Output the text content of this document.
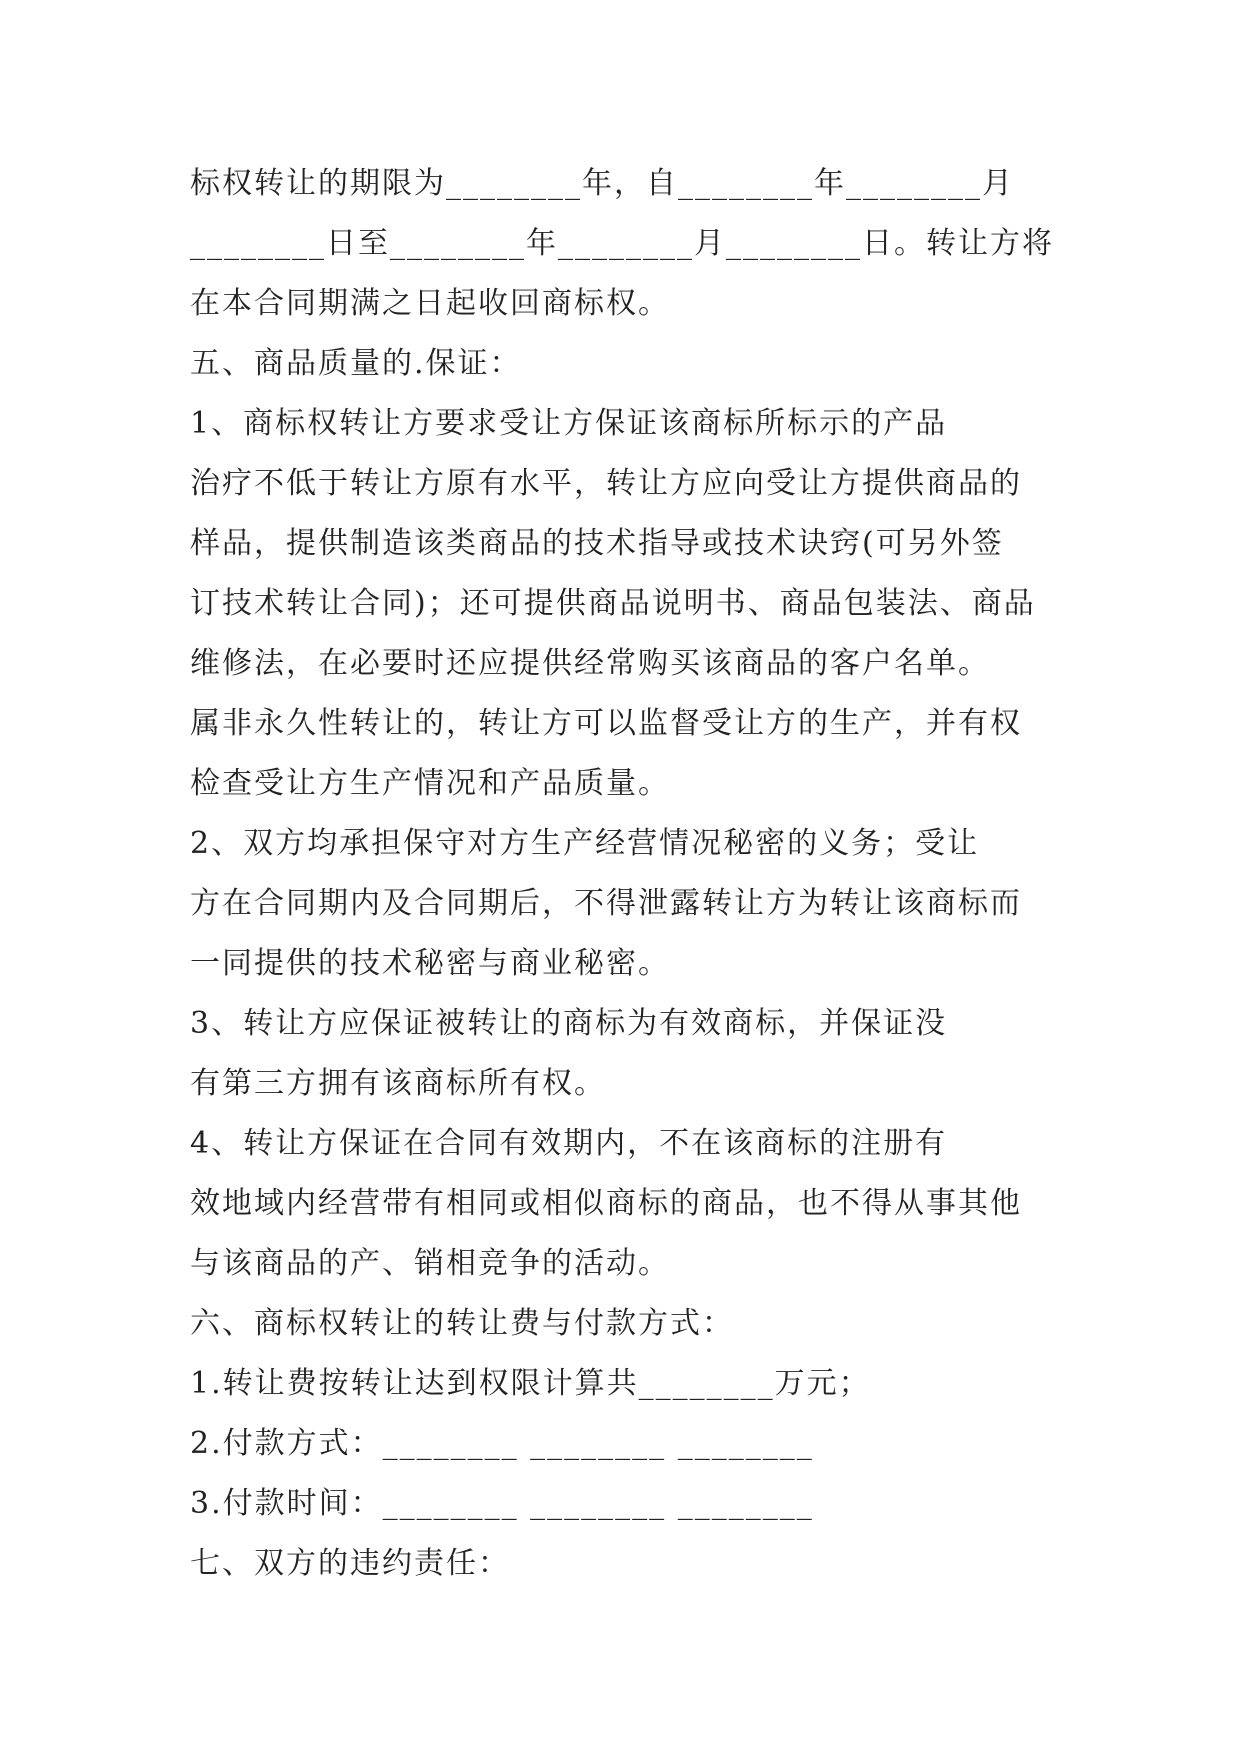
标权转让的期限为________年，自________年________月
________日至________年________月________日。转让方将
在本合同期满之日起收回商标权。
五、商品质量的.保证：
1、商标权转让方要求受让方保证该商标所标示的产品
治疗不低于转让方原有水平，转让方应向受让方提供商品的
样品，提供制造该类商品的技术指导或技术诀窍(可另外签
订技术转让合同)；还可提供商品说明书、商品包装法、商品
维修法，在必要时还应提供经常购买该商品的客户名单。
属非永久性转让的，转让方可以监督受让方的生产，并有权
检查受让方生产情况和产品质量。
2、双方均承担保守对方生产经营情况秘密的义务；受让
方在合同期内及合同期后，不得泄露转让方为转让该商标而
一同提供的技术秘密与商业秘密。
3、转让方应保证被转让的商标为有效商标，并保证没
有第三方拥有该商标所有权。
4、转让方保证在合同有效期内，不在该商标的注册有
效地域内经营带有相同或相似商标的商品，也不得从事其他
与该商品的产、销相竞争的活动。
六、商标权转让的转让费与付款方式：
1.转让费按转让达到权限计算共________万元；
2.付款方式：________ ________ ________
3.付款时间：________ ________ ________
七、双方的违约责任：
